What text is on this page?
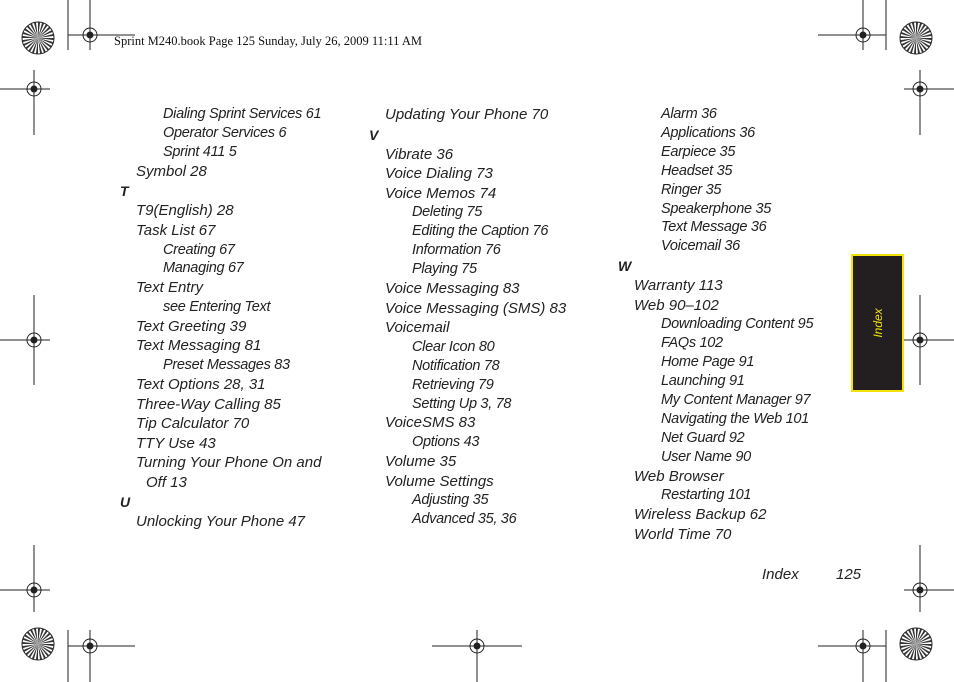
Sprint M240.book Page 125 Sunday, July 26, 2009 11:11 AM
Dialing Sprint Services 61
Operator Services 6
Sprint 411 5
Symbol 28
T
T9(English) 28
Task List 67
Creating 67
Managing 67
Text Entry
see Entering Text
Text Greeting 39
Text Messaging 81
Preset Messages 83
Text Options 28, 31
Three-Way Calling 85
Tip Calculator 70
TTY Use 43
Turning Your Phone On and
Off 13
U
Unlocking Your Phone 47
Updating Your Phone 70
V
Vibrate 36
Voice Dialing 73
Voice Memos 74
Deleting 75
Editing the Caption 76
Information 76
Playing 75
Voice Messaging 83
Voice Messaging (SMS) 83
Voicemail
Clear Icon 80
Notification 78
Retrieving 79
Setting Up 3, 78
VoiceSMS 83
Options 43
Volume 35
Volume Settings
Adjusting 35
Advanced 35, 36
Alarm 36
Applications 36
Earpiece 35
Headset 35
Ringer 35
Speakerphone 35
Text Message 36
Voicemail 36
W
Warranty 113
Web 90–102
Downloading Content 95
FAQs 102
Home Page 91
Launching 91
My Content Manager 97
Navigating the Web 101
Net Guard 92
User Name 90
Web Browser
Restarting 101
Wireless Backup 62
World Time 70
Index
Index 125
